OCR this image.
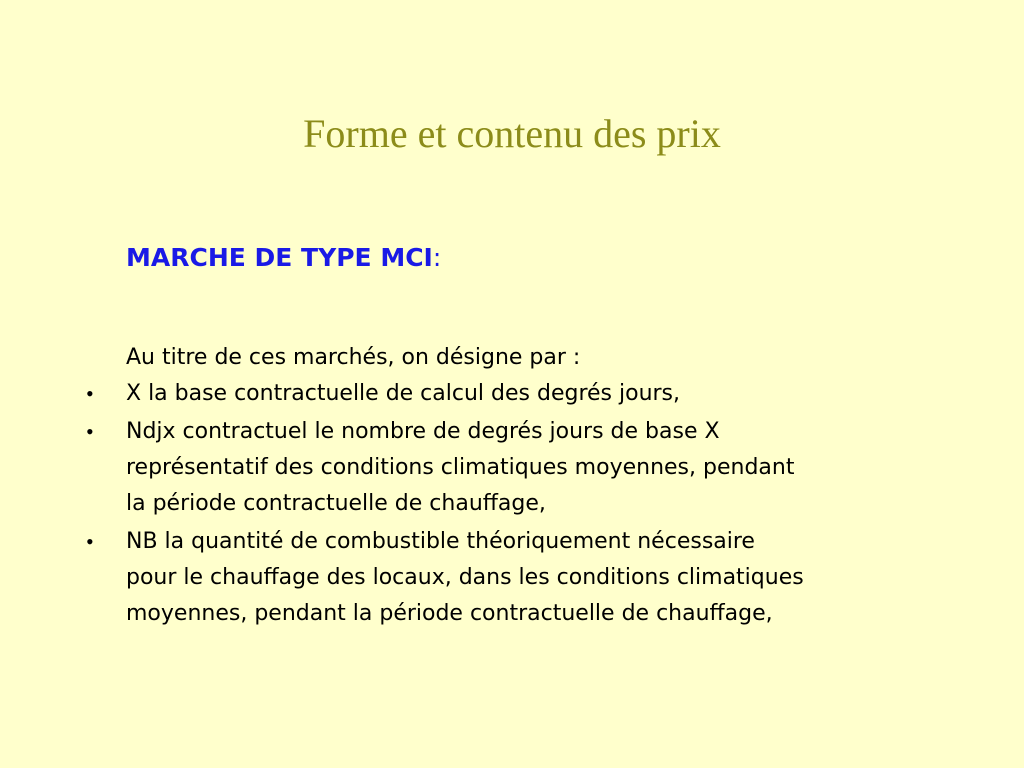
Forme et contenu des prix
MARCHE DE TYPE MCI:
Au titre de ces marchés, on désigne par :
• X la base contractuelle de calcul des degrés jours,
• Ndjx contractuel le nombre de degrés jours de base X
représentatif des conditions climatiques moyennes, pendant
la période contractuelle de chauffage,
• NB la quantité de combustible théoriquement nécessaire
pour le chauffage des locaux, dans les conditions climatiques
moyennes, pendant la période contractuelle de chauffage,
